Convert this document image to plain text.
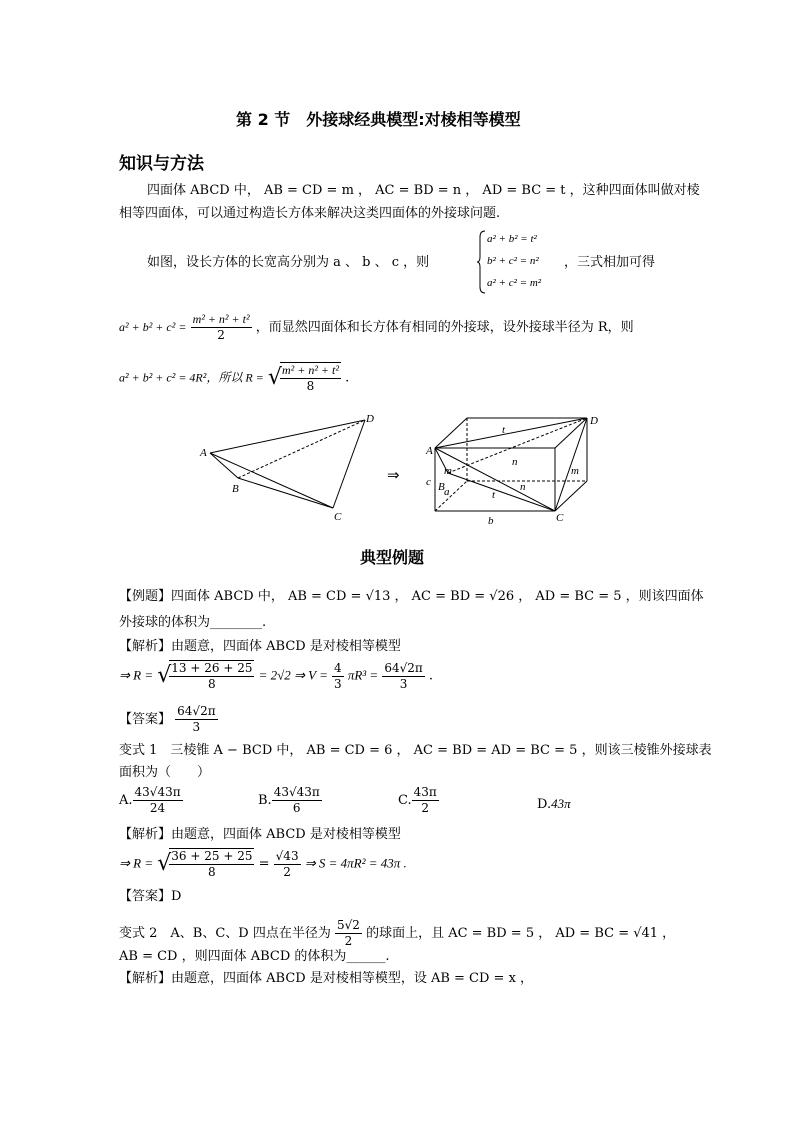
第 2 节　外接球经典模型:对棱相等模型
知识与方法
四面体 ABCD 中， AB = CD = m ， AC = BD = n ， AD = BC = t ，这种四面体叫做对棱
相等四面体，可以通过构造长方体来解决这类四面体的外接球问题.
如图，设长方体的长宽高分别为 a 、 b 、 c ，则
a² + b² = t²
b² + c² = n²
a² + c² = m²
，三式相加可得
$a^2 + b^2 + c^2 = \frac{\text{m² + n² + t²}}{2}$ ，而显然四面体和长方体有相同的外接球，设外接球半径为 R，则
a² + b² + c² = 4R²，所以 R = √
$\frac{\text{m² + n² + t²}}{8}$ .
A
B
C
D
⇒
A
B
C
D
t
m
n
n
m
c
a	t
b
典型例题
【例题】四面体 ABCD 中， AB = CD = √13 ， AC = BD = √26 ， AD = BC = 5 ，则该四面体
外接球的体积为________.
【解析】由题意，四面体 ABCD 是对棱相等模型
⇒ R = √
$\frac{13 + 26 + 25}{8} = 2√2$ ⇒ $V = \frac{4}{3} \pi R^3 = \frac{64√2\pi}{3}$ .
【答案】 $\frac{64√2\pi}{3}$
变式 1　三棱锥 A − BCD 中， AB = CD = 6 ， AC = BD = AD = BC = 5 ，则该三棱锥外接球表
面积为（　　）
A. $\frac{43√43\pi}{24}$	B. $\frac{43√43\pi}{6}$	C. $\frac{43\pi}{2}$	D.43π
【解析】由题意，四面体 ABCD 是对棱相等模型
⇒ R = √
$\frac{36 + 25 + 25}{8} = \frac{√43}{2}$ ⇒ S = 4πR² = 43π .
【答案】D
变式 2　A、B、C、D 四点在半径为 $\frac{5√2}{2}$ 的球面上，且 AC = BD = 5 ， AD = BC = √41 ，
AB = CD ，则四面体 ABCD 的体积为______.
【解析】由题意，四面体 ABCD 是对棱相等模型，设 AB = CD = x ，
